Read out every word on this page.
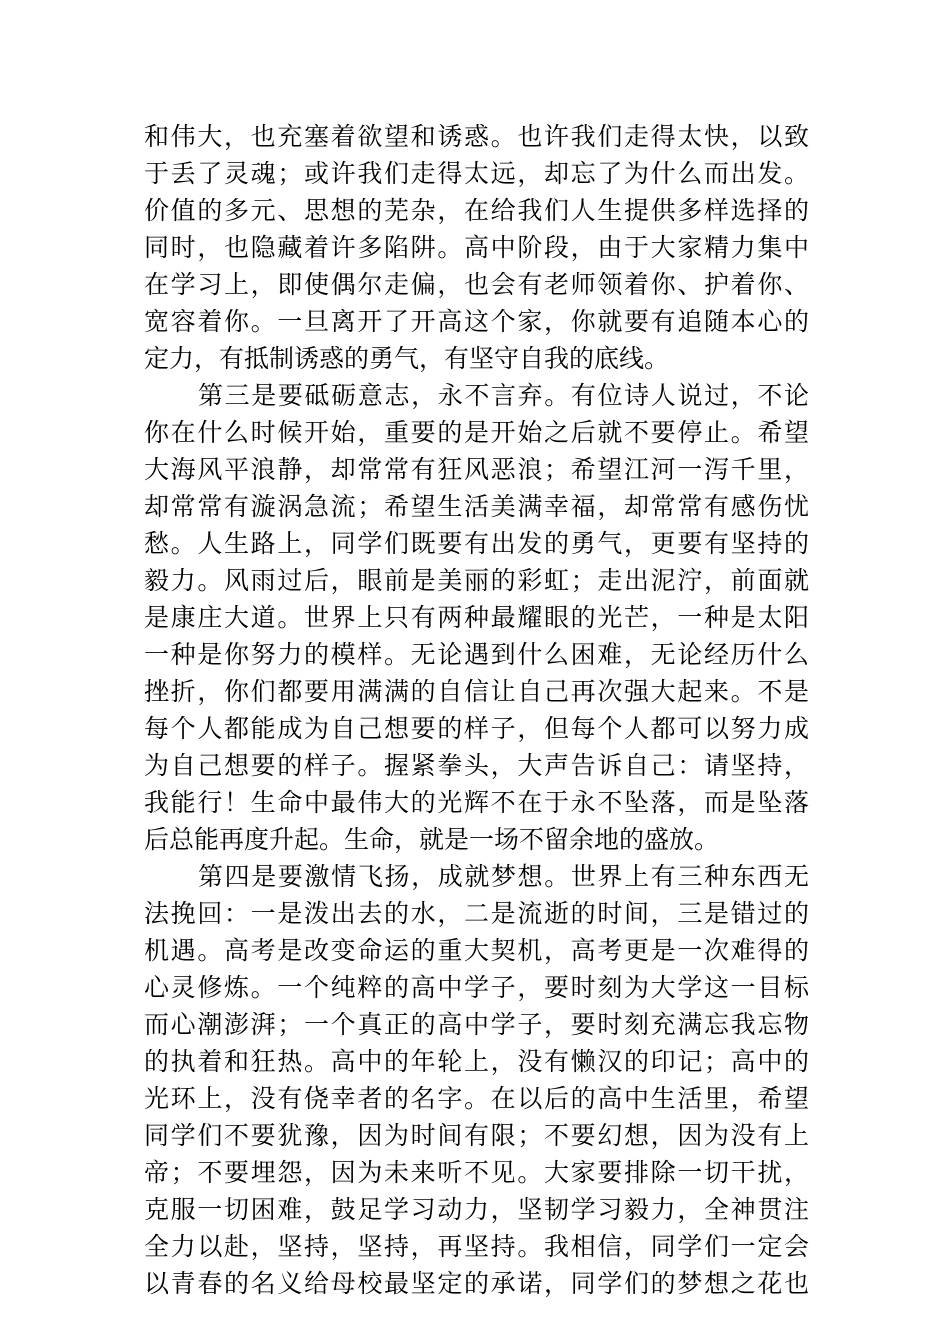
和伟大，也充塞着欲望和诱惑。也许我们走得太快，以致
于丢了灵魂；或许我们走得太远，却忘了为什么而出发。
价值的多元、思想的芜杂，在给我们人生提供多样选择的
同时，也隐藏着许多陷阱。高中阶段，由于大家精力集中
在学习上，即使偶尔走偏，也会有老师领着你、护着你、
宽容着你。一旦离开了开高这个家，你就要有追随本心的
定力，有抵制诱惑的勇气，有坚守自我的底线。
第三是要砥砺意志，永不言弃。有位诗人说过，不论
你在什么时候开始，重要的是开始之后就不要停止。希望
大海风平浪静，却常常有狂风恶浪；希望江河一泻千里，
却常常有漩涡急流；希望生活美满幸福，却常常有感伤忧
愁。人生路上，同学们既要有出发的勇气，更要有坚持的
毅力。风雨过后，眼前是美丽的彩虹；走出泥泞，前面就
是康庄大道。世界上只有两种最耀眼的光芒，一种是太阳
一种是你努力的模样。无论遇到什么困难，无论经历什么
挫折，你们都要用满满的自信让自己再次强大起来。不是
每个人都能成为自己想要的样子，但每个人都可以努力成
为自己想要的样子。握紧拳头，大声告诉自己：请坚持，
我能行！生命中最伟大的光辉不在于永不坠落，而是坠落
后总能再度升起。生命，就是一场不留余地的盛放。
第四是要激情飞扬，成就梦想。世界上有三种东西无
法挽回：一是泼出去的水，二是流逝的时间，三是错过的
机遇。高考是改变命运的重大契机，高考更是一次难得的
心灵修炼。一个纯粹的高中学子，要时刻为大学这一目标
而心潮澎湃；一个真正的高中学子，要时刻充满忘我忘物
的执着和狂热。高中的年轮上，没有懒汉的印记；高中的
光环上，没有侥幸者的名字。在以后的高中生活里，希望
同学们不要犹豫，因为时间有限；不要幻想，因为没有上
帝；不要埋怨，因为未来听不见。大家要排除一切干扰，
克服一切困难，鼓足学习动力，坚韧学习毅力，全神贯注
全力以赴，坚持，坚持，再坚持。我相信，同学们一定会
以青春的名义给母校最坚定的承诺，同学们的梦想之花也
